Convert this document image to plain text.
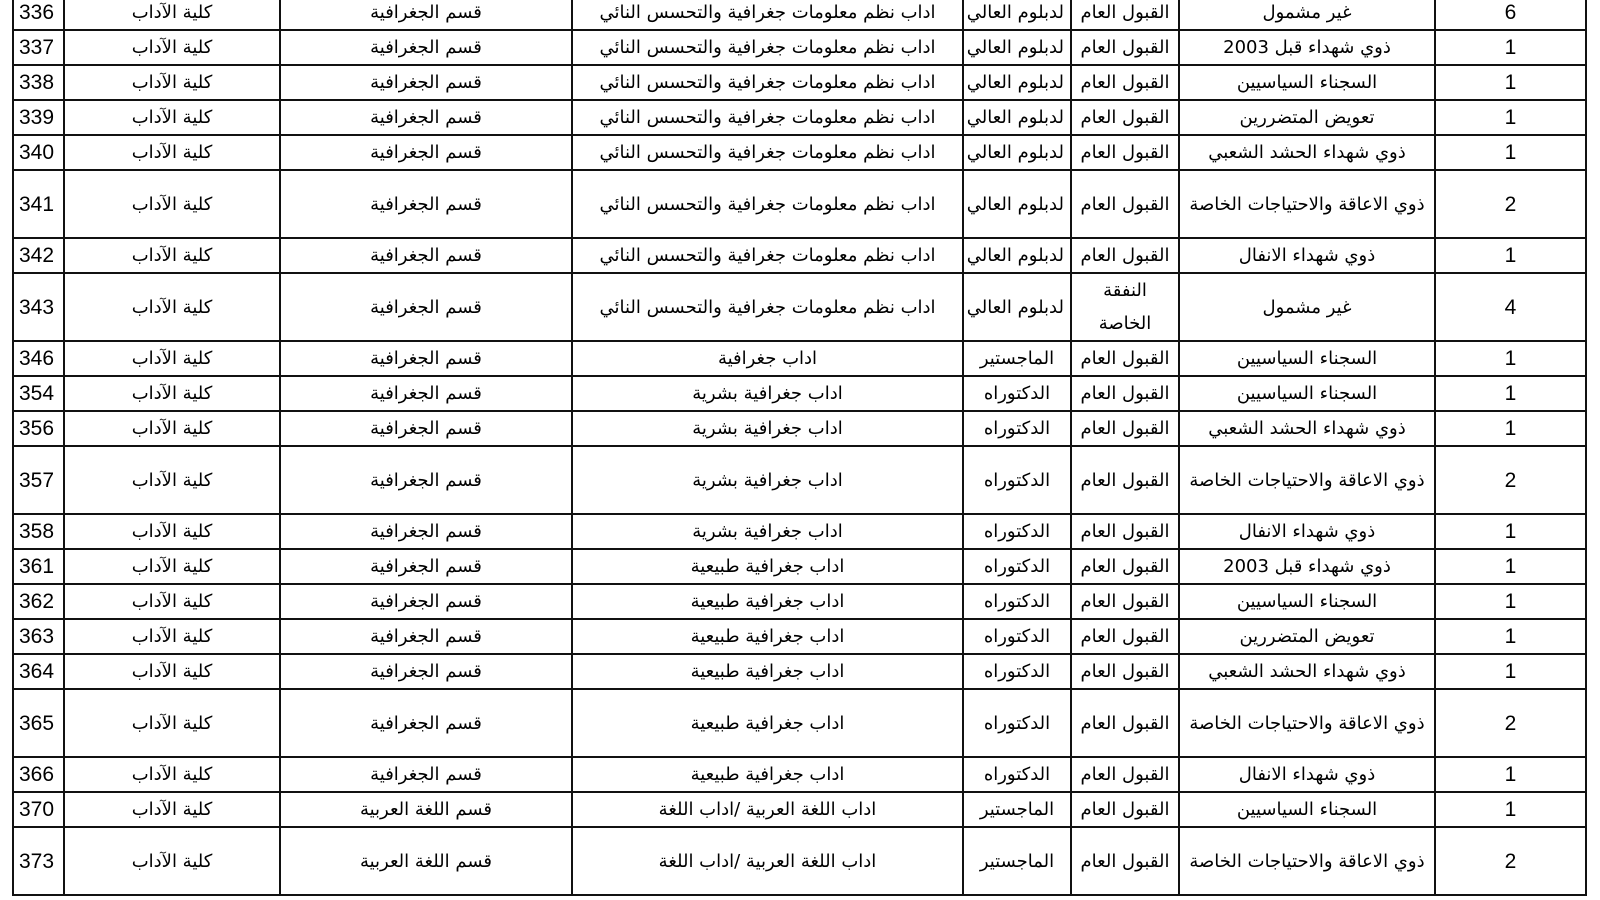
336	كلية الآداب	قسم الجغرافية	اداب نظم معلومات جغرافية والتحسس النائي	لدبلوم العالي	القبول العام	غير مشمول	6
337	كلية الآداب	قسم الجغرافية	اداب نظم معلومات جغرافية والتحسس النائي	لدبلوم العالي	القبول العام	ذوي شهداء قبل 2003	1
338	كلية الآداب	قسم الجغرافية	اداب نظم معلومات جغرافية والتحسس النائي	لدبلوم العالي	القبول العام	السجناء السياسيين	1
339	كلية الآداب	قسم الجغرافية	اداب نظم معلومات جغرافية والتحسس النائي	لدبلوم العالي	القبول العام	تعويض المتضررين	1
340	كلية الآداب	قسم الجغرافية	اداب نظم معلومات جغرافية والتحسس النائي	لدبلوم العالي	القبول العام	ذوي شهداء الحشد الشعبي	1
341	كلية الآداب	قسم الجغرافية	اداب نظم معلومات جغرافية والتحسس النائي	لدبلوم العالي	القبول العام	ذوي الاعاقة والاحتياجات الخاصة	2
342	كلية الآداب	قسم الجغرافية	اداب نظم معلومات جغرافية والتحسس النائي	لدبلوم العالي	القبول العام	ذوي شهداء الانفال	1
343	كلية الآداب	قسم الجغرافية	اداب نظم معلومات جغرافية والتحسس النائي	لدبلوم العالي	النفقة الخاصة	غير مشمول	4
346	كلية الآداب	قسم الجغرافية	اداب جغرافية	الماجستير	القبول العام	السجناء السياسيين	1
354	كلية الآداب	قسم الجغرافية	اداب جغرافية بشرية	الدكتوراه	القبول العام	السجناء السياسيين	1
356	كلية الآداب	قسم الجغرافية	اداب جغرافية بشرية	الدكتوراه	القبول العام	ذوي شهداء الحشد الشعبي	1
357	كلية الآداب	قسم الجغرافية	اداب جغرافية بشرية	الدكتوراه	القبول العام	ذوي الاعاقة والاحتياجات الخاصة	2
358	كلية الآداب	قسم الجغرافية	اداب جغرافية بشرية	الدكتوراه	القبول العام	ذوي شهداء الانفال	1
361	كلية الآداب	قسم الجغرافية	اداب جغرافية طبيعية	الدكتوراه	القبول العام	ذوي شهداء قبل 2003	1
362	كلية الآداب	قسم الجغرافية	اداب جغرافية طبيعية	الدكتوراه	القبول العام	السجناء السياسيين	1
363	كلية الآداب	قسم الجغرافية	اداب جغرافية طبيعية	الدكتوراه	القبول العام	تعويض المتضررين	1
364	كلية الآداب	قسم الجغرافية	اداب جغرافية طبيعية	الدكتوراه	القبول العام	ذوي شهداء الحشد الشعبي	1
365	كلية الآداب	قسم الجغرافية	اداب جغرافية طبيعية	الدكتوراه	القبول العام	ذوي الاعاقة والاحتياجات الخاصة	2
366	كلية الآداب	قسم الجغرافية	اداب جغرافية طبيعية	الدكتوراه	القبول العام	ذوي شهداء الانفال	1
370	كلية الآداب	قسم اللغة العربية	اداب اللغة العربية /اداب اللغة	الماجستير	القبول العام	السجناء السياسيين	1
373	كلية الآداب	قسم اللغة العربية	اداب اللغة العربية /اداب اللغة	الماجستير	القبول العام	ذوي الاعاقة والاحتياجات الخاصة	2
